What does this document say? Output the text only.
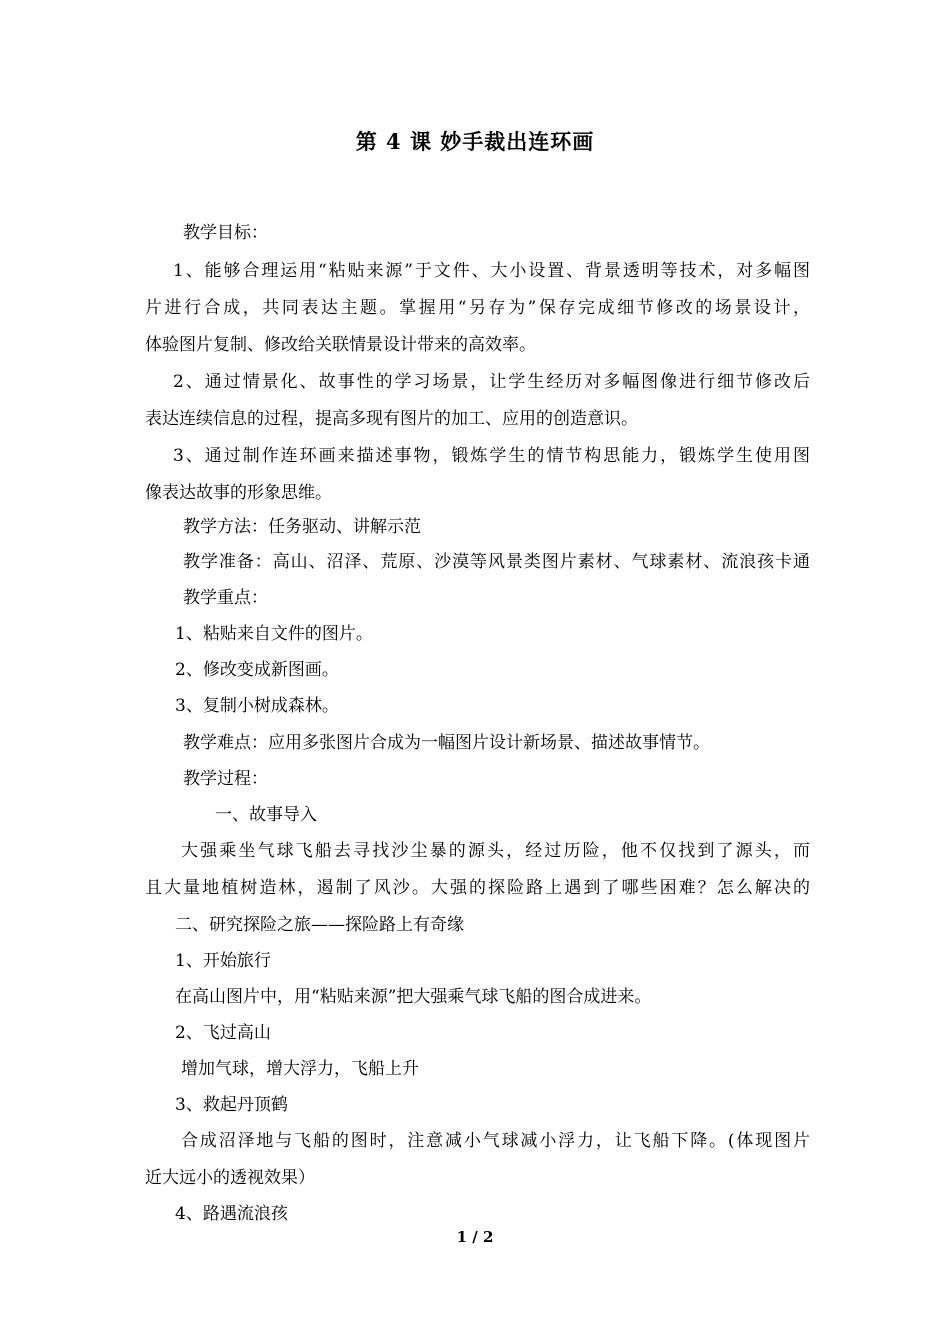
第 4 课 妙手裁出连环画
教学目标：
1、能够合理运用“粘贴来源”于文件、大小设置、背景透明等技术，对多幅图
片进行合成，共同表达主题。掌握用“另存为”保存完成细节修改的场景设计，
体验图片复制、修改给关联情景设计带来的高效率。
2、通过情景化、故事性的学习场景，让学生经历对多幅图像进行细节修改后
表达连续信息的过程，提高多现有图片的加工、应用的创造意识。
3、通过制作连环画来描述事物，锻炼学生的情节构思能力，锻炼学生使用图
像表达故事的形象思维。
教学方法：任务驱动、讲解示范
教学准备：高山、沼泽、荒原、沙漠等风景类图片素材、气球素材、流浪孩卡通
教学重点：
1、粘贴来自文件的图片。
2、修改变成新图画。
3、复制小树成森林。
教学难点：应用多张图片合成为一幅图片设计新场景、描述故事情节。
教学过程：
一、故事导入
大强乘坐气球飞船去寻找沙尘暴的源头，经过历险，他不仅找到了源头，而
且大量地植树造林，遏制了风沙。大强的探险路上遇到了哪些困难？怎么解决的
二、研究探险之旅——探险路上有奇缘
1、开始旅行
在高山图片中，用“粘贴来源”把大强乘气球飞船的图合成进来。
2、飞过高山
增加气球，增大浮力，飞船上升
3、救起丹顶鹤
合成沼泽地与飞船的图时，注意减小气球减小浮力，让飞船下降。(体现图片
近大远小的透视效果）
4、路遇流浪孩
1 / 2
